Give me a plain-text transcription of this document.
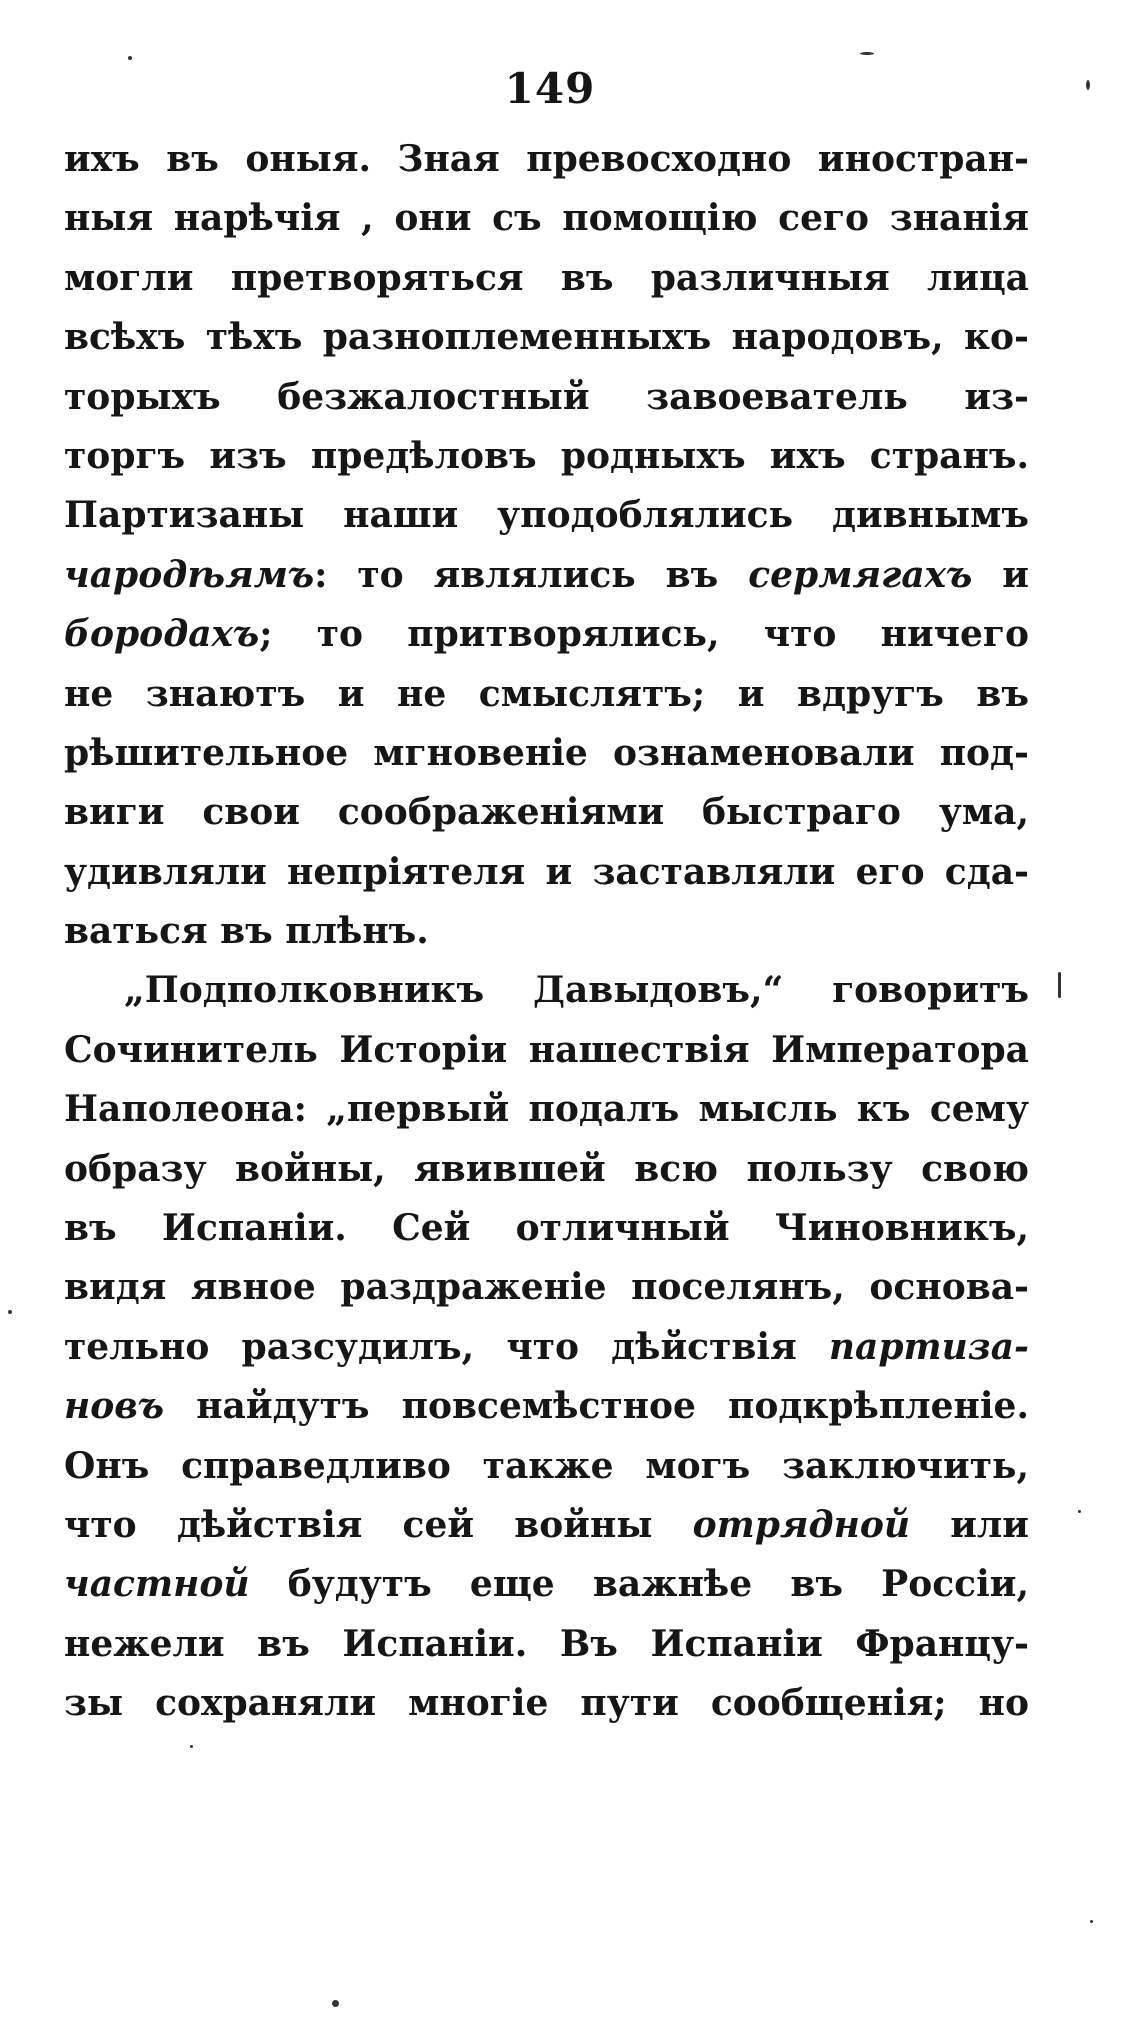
149
ихъ въ оныя. Зная превосходно иностран-
ныя нарѣчія , они съ помощію сего знанія
могли претворяться въ различныя лица
всѣхъ тѣхъ разноплеменныхъ народовъ, ко-
торыхъ безжалостный завоеватель из-
торгъ изъ предѣловъ родныхъ ихъ странъ.
Партизаны наши уподоблялись дивнымъ
чародѣямъ: то являлись въ сермягахъ и
бородахъ; то притворялись, что ничего
не знаютъ и не смыслятъ; и вдругъ въ
рѣшительное мгновеніе ознаменовали под-
виги свои соображеніями быстраго ума,
удивляли непріятеля и заставляли его сда-
ваться въ плѣнъ.
„Подполковникъ Давыдовъ,“ говоритъ
Сочинитель Исторіи нашествія Императора
Наполеона: „первый подалъ мысль къ сему
образу войны, явившей всю пользу свою
въ Испаніи. Сей отличный Чиновникъ,
видя явное раздраженіе поселянъ, основа-
тельно разсудилъ, что дѣйствія партиза-
новъ найдутъ повсемѣстное подкрѣпленіе.
Онъ справедливо также могъ заключить,
что дѣйствія сей войны отрядной или
частной будутъ еще важнѣе въ Россіи,
нежели въ Испаніи. Въ Испаніи Францу-
зы сохраняли многіе пути сообщенія; но
